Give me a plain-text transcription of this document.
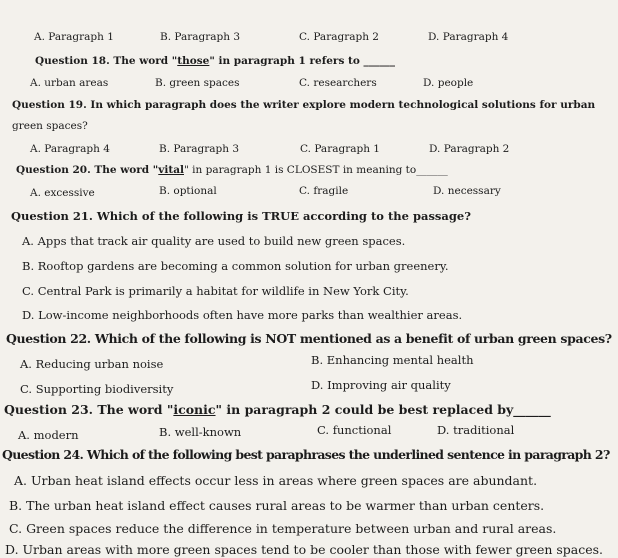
A. Paragraph 1	B. Paragraph 3	C. Paragraph 2	D. Paragraph 4
Question 18. The word "those" in paragraph 1 refers to ______
A. urban areas	B. green spaces	C. researchers	D. people
Question 19. In which paragraph does the writer explore modern technological solutions for urban
green spaces?
A. Paragraph 4	B. Paragraph 3	C. Paragraph 1	D. Paragraph 2
Question 20. The word "vital" in paragraph 1 is CLOSEST in meaning to______
A. excessive	B. optional	C. fragile	D. necessary
Question 21. Which of the following is TRUE according to the passage?
A. Apps that track air quality are used to build new green spaces.
B. Rooftop gardens are becoming a common solution for urban greenery.
C. Central Park is primarily a habitat for wildlife in New York City.
D. Low-income neighborhoods often have more parks than wealthier areas.
Question 22. Which of the following is NOT mentioned as a benefit of urban green spaces?
A. Reducing urban noise	B. Enhancing mental health
C. Supporting biodiversity	D. Improving air quality
Question 23. The word "iconic" in paragraph 2 could be best replaced by______
A. modern	B. well-known	C. functional	D. traditional
Question 24. Which of the following best paraphrases the underlined sentence in paragraph 2?
A. Urban heat island effects occur less in areas where green spaces are abundant.
B. The urban heat island effect causes rural areas to be warmer than urban centers.
C. Green spaces reduce the difference in temperature between urban and rural areas.
D. Urban areas with more green spaces tend to be cooler than those with fewer green spaces.
